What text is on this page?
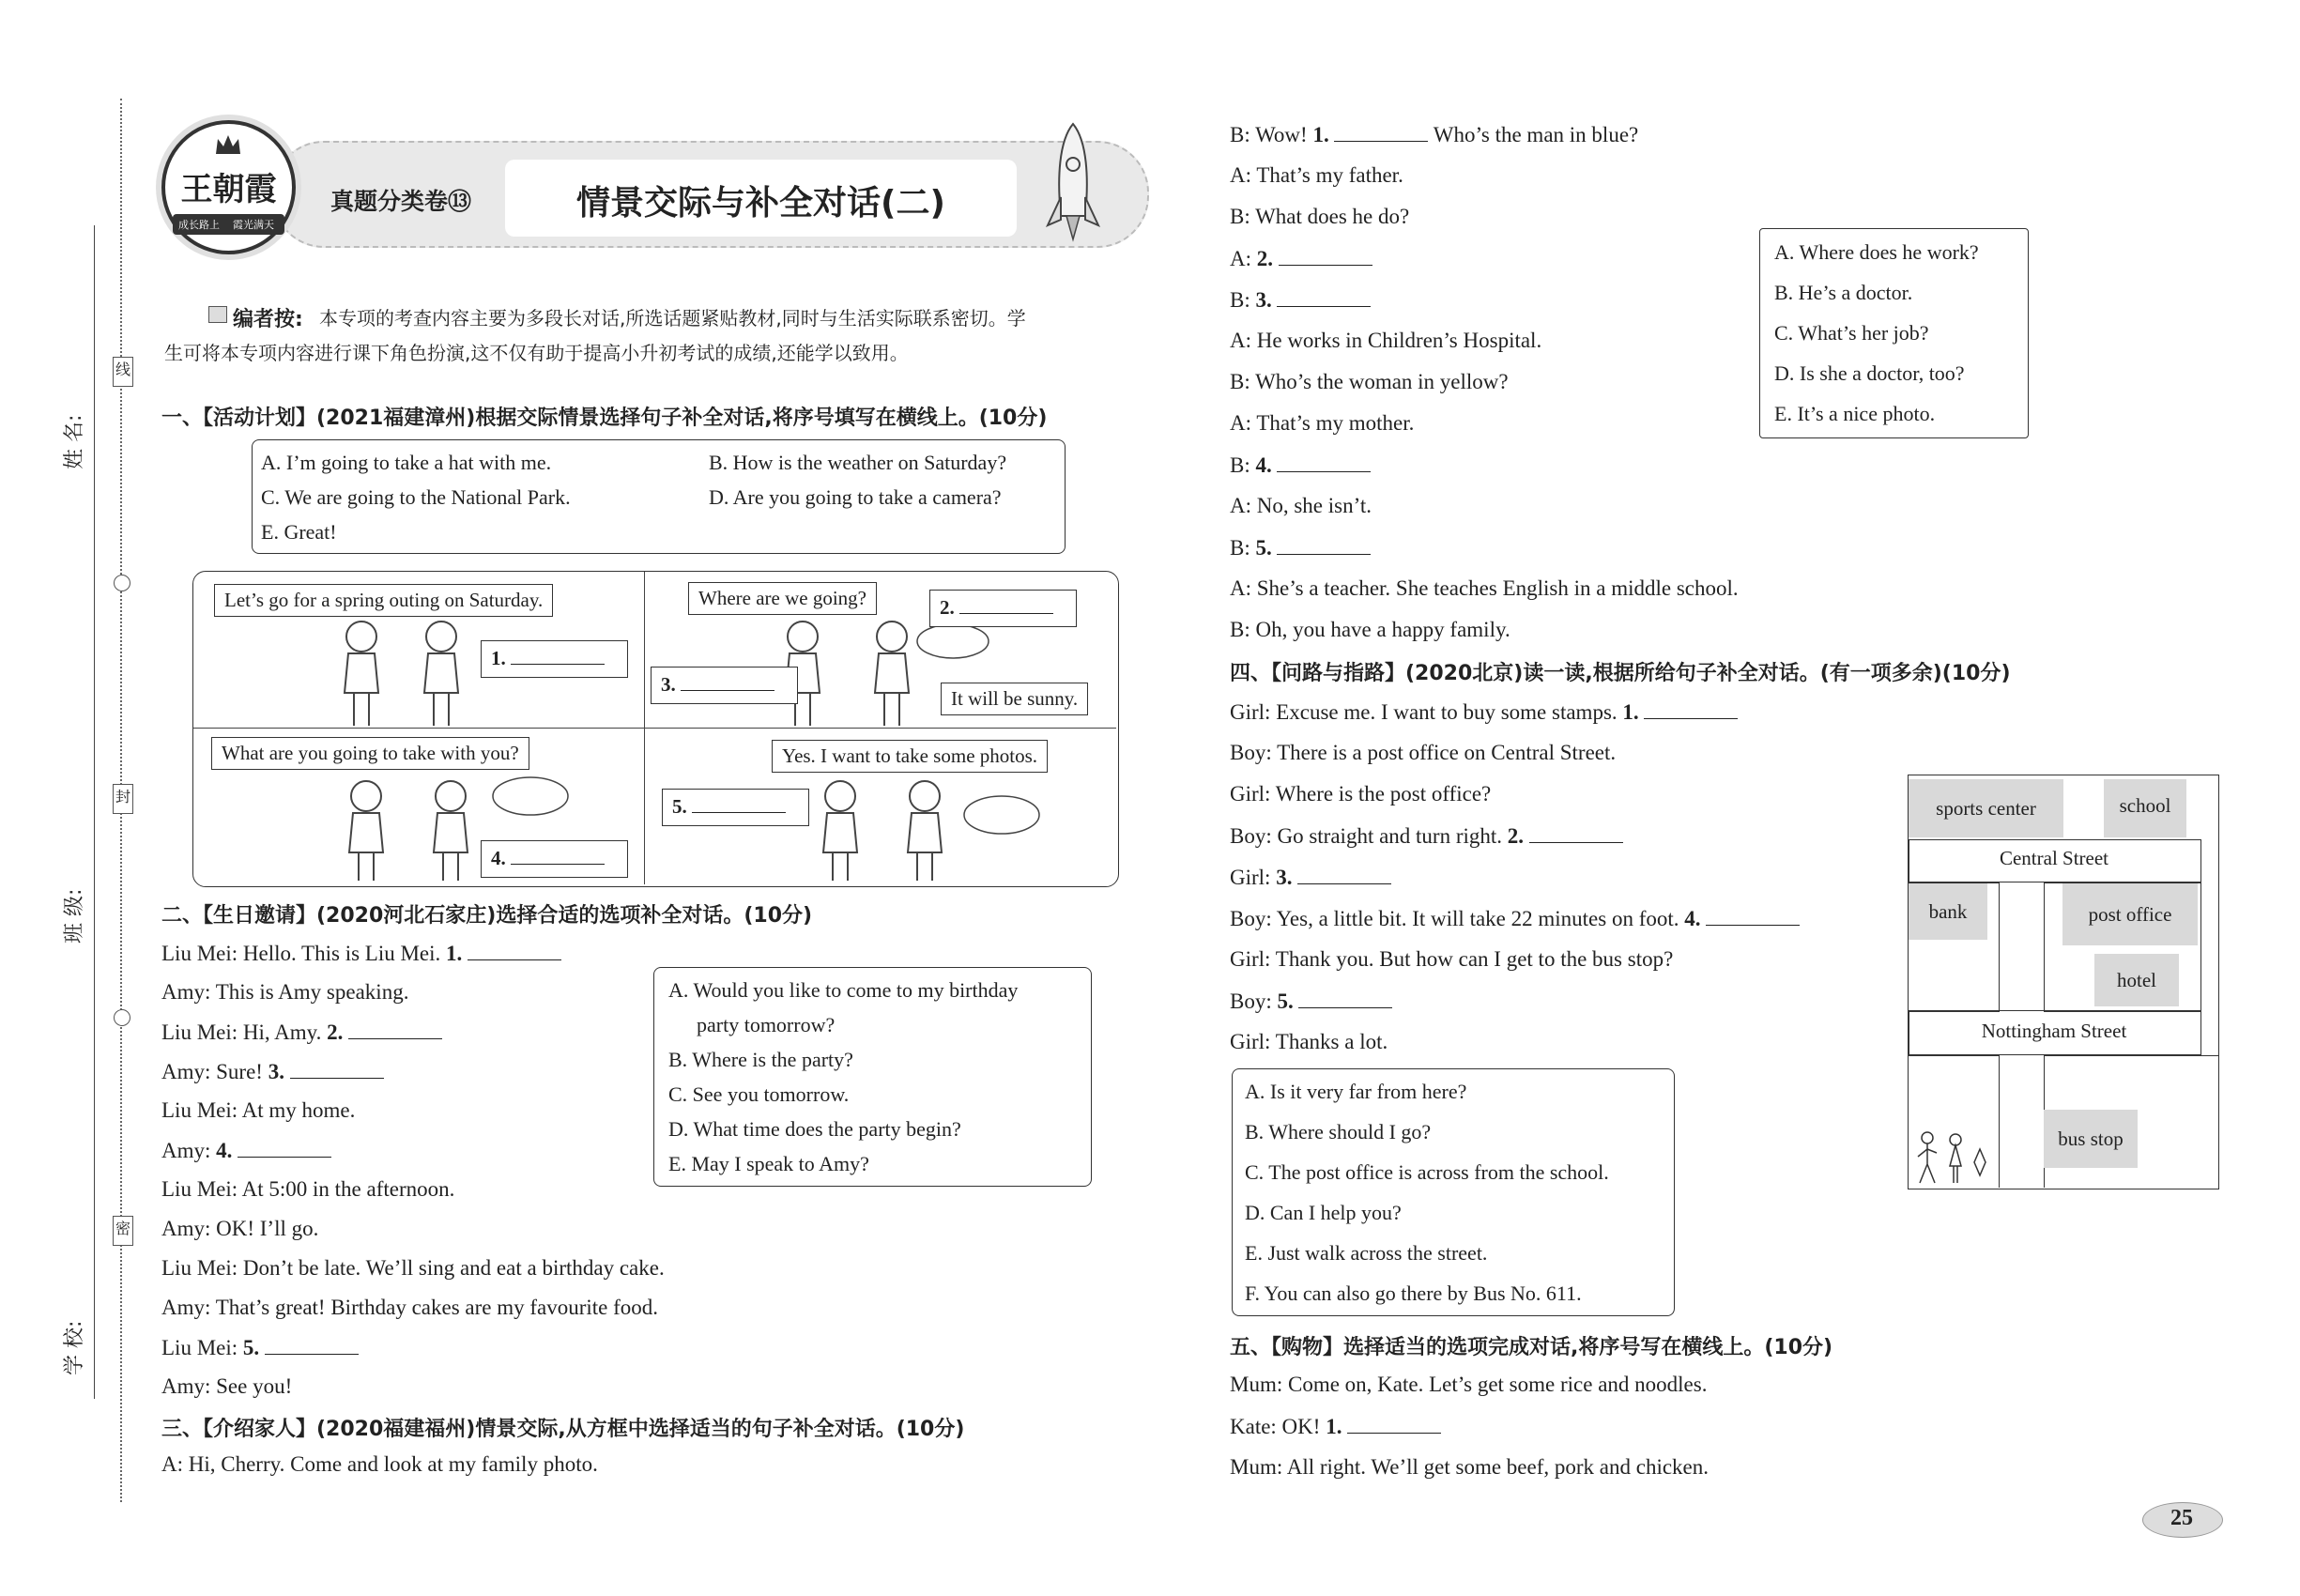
线
封
密
姓 名:
班 级:
学 校:
王朝霞
成长路上 霞光满天
真题分类卷⑬	情景交际与补全对话(二)
编者按: 本专项的考查内容主要为多段长对话,所选话题紧贴教材,同时与生活实际联系密切。学
生可将本专项内容进行课下角色扮演,这不仅有助于提高小升初考试的成绩,还能学以致用。
一、【活动计划】(2021福建漳州)根据交际情景选择句子补全对话,将序号填写在横线上。(10分)
A. I’m going to take a hat with me.	B. How is the weather on Saturday?
C. We are going to the National Park.	D. Are you going to take a camera?
E. Great!
Let’s go for a spring outing on Saturday.	Where are we going?
It will be sunny.
What are you going to take with you?	Yes. I want to take some photos.
1.
2.
3.
4.
5.
二、【生日邀请】(2020河北石家庄)选择合适的选项补全对话。(10分)
Liu Mei: Hello. This is Liu Mei. 1.
Amy: This is Amy speaking.
Liu Mei: Hi, Amy. 2.
Amy: Sure! 3.
Liu Mei: At my home.
Amy: 4.
Liu Mei: At 5:00 in the afternoon.
Amy: OK! I’ll go.
Liu Mei: Don’t be late. We’ll sing and eat a birthday cake.
Amy: That’s great! Birthday cakes are my favourite food.
Liu Mei: 5.
Amy: See you!
A. Would you like to come to my birthday
party tomorrow?
B. Where is the party?
C. See you tomorrow.
D. What time does the party begin?
E. May I speak to Amy?
三、【介绍家人】(2020福建福州)情景交际,从方框中选择适当的句子补全对话。(10分)
A: Hi, Cherry. Come and look at my family photo.
B: Wow! 1.	Who’s the man in blue?
A: That’s my father.
B: What does he do?
A: 2.
B: 3.
A: He works in Children’s Hospital.
B: Who’s the woman in yellow?
A: That’s my mother.
B: 4.
A: No, she isn’t.
B: 5.
A: She’s a teacher. She teaches English in a middle school.
B: Oh, you have a happy family.
A. Where does he work?
B. He’s a doctor.
C. What’s her job?
D. Is she a doctor, too?
E. It’s a nice photo.
四、【问路与指路】(2020北京)读一读,根据所给句子补全对话。(有一项多余)(10分)
Girl: Excuse me. I want to buy some stamps. 1.
Boy: There is a post office on Central Street.
Girl: Where is the post office?
Boy: Go straight and turn right. 2.
Girl: 3.
Boy: Yes, a little bit. It will take 22 minutes on foot. 4.
Girl: Thank you. But how can I get to the bus stop?
Boy: 5.
Girl: Thanks a lot.
A. Is it very far from here?
B. Where should I go?
C. The post office is across from the school.
D. Can I help you?
E. Just walk across the street.
F. You can also go there by Bus No. 611.
sports center	school
Central Street
bank	post office
hotel
Nottingham Street
bus stop
五、【购物】选择适当的选项完成对话,将序号写在横线上。(10分)
Mum: Come on, Kate. Let’s get some rice and noodles.
Kate: OK! 1.
Mum: All right. We’ll get some beef, pork and chicken.
25
